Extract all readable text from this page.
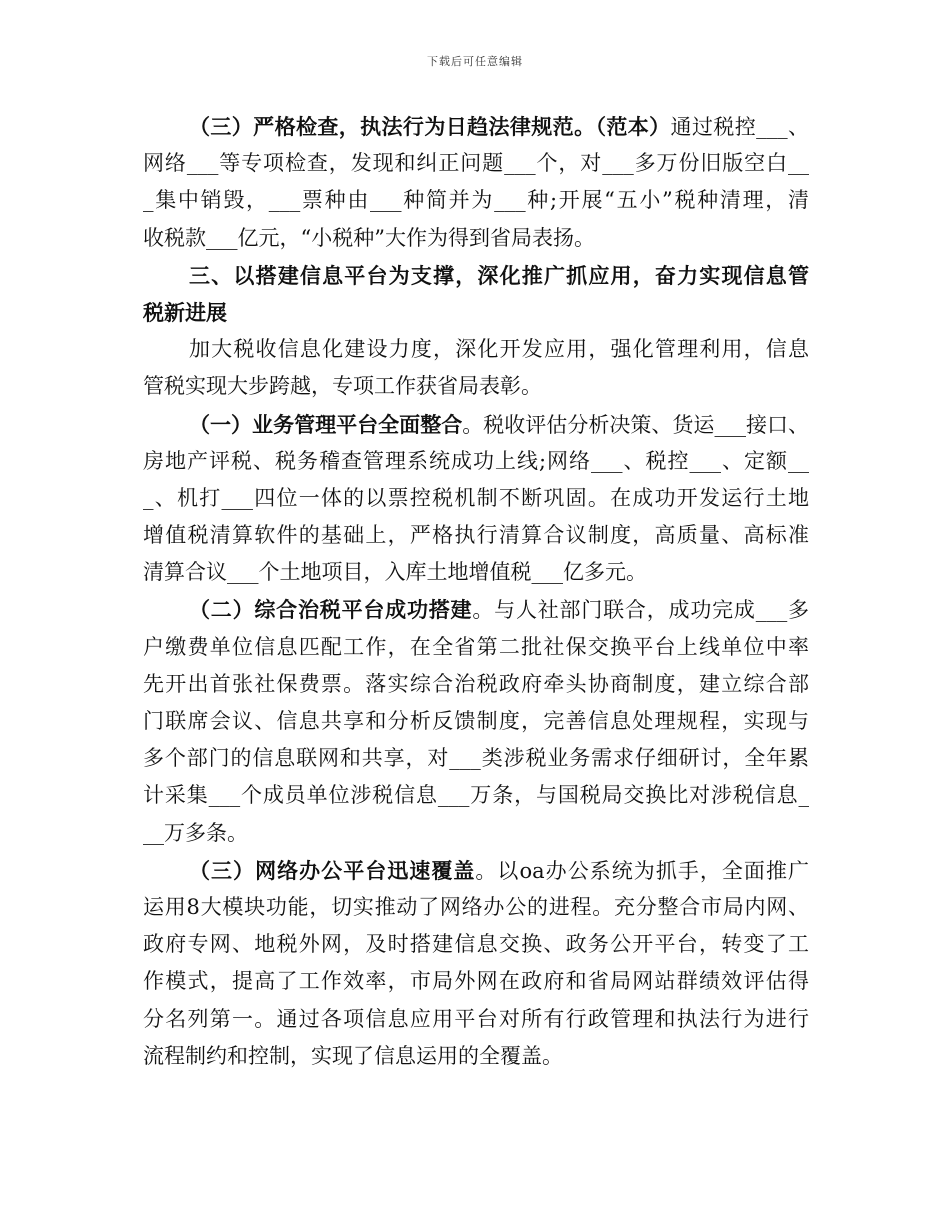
下载后可任意编辑
（三）严格检查，执法行为日趋法律规范。（范本）通过税控___、
网络___等专项检查，发现和纠正问题___个，对___多万份旧版空白__
_集中销毁，___票种由___种简并为___种;开展“五小”税种清理，清
收税款___亿元，“小税种”大作为得到省局表扬。
三、以搭建信息平台为支撑，深化推广抓应用，奋力实现信息管
税新进展
加大税收信息化建设力度，深化开发应用，强化管理利用，信息
管税实现大步跨越，专项工作获省局表彰。
（一）业务管理平台全面整合。税收评估分析决策、货运___接口、
房地产评税、税务稽查管理系统成功上线;网络___、税控___、定额__
_、机打___四位一体的以票控税机制不断巩固。在成功开发运行土地
增值税清算软件的基础上，严格执行清算合议制度，高质量、高标准
清算合议___个土地项目，入库土地增值税___亿多元。
（二）综合治税平台成功搭建。与人社部门联合，成功完成___多
户缴费单位信息匹配工作，在全省第二批社保交换平台上线单位中率
先开出首张社保费票。落实综合治税政府牵头协商制度，建立综合部
门联席会议、信息共享和分析反馈制度，完善信息处理规程，实现与
多个部门的信息联网和共享，对___类涉税业务需求仔细研讨，全年累
计采集___个成员单位涉税信息___万条，与国税局交换比对涉税信息_
__万多条。
（三）网络办公平台迅速覆盖。以oa办公系统为抓手，全面推广
运用8大模块功能，切实推动了网络办公的进程。充分整合市局内网、
政府专网、地税外网，及时搭建信息交换、政务公开平台，转变了工
作模式，提高了工作效率，市局外网在政府和省局网站群绩效评估得
分名列第一。通过各项信息应用平台对所有行政管理和执法行为进行
流程制约和控制，实现了信息运用的全覆盖。
